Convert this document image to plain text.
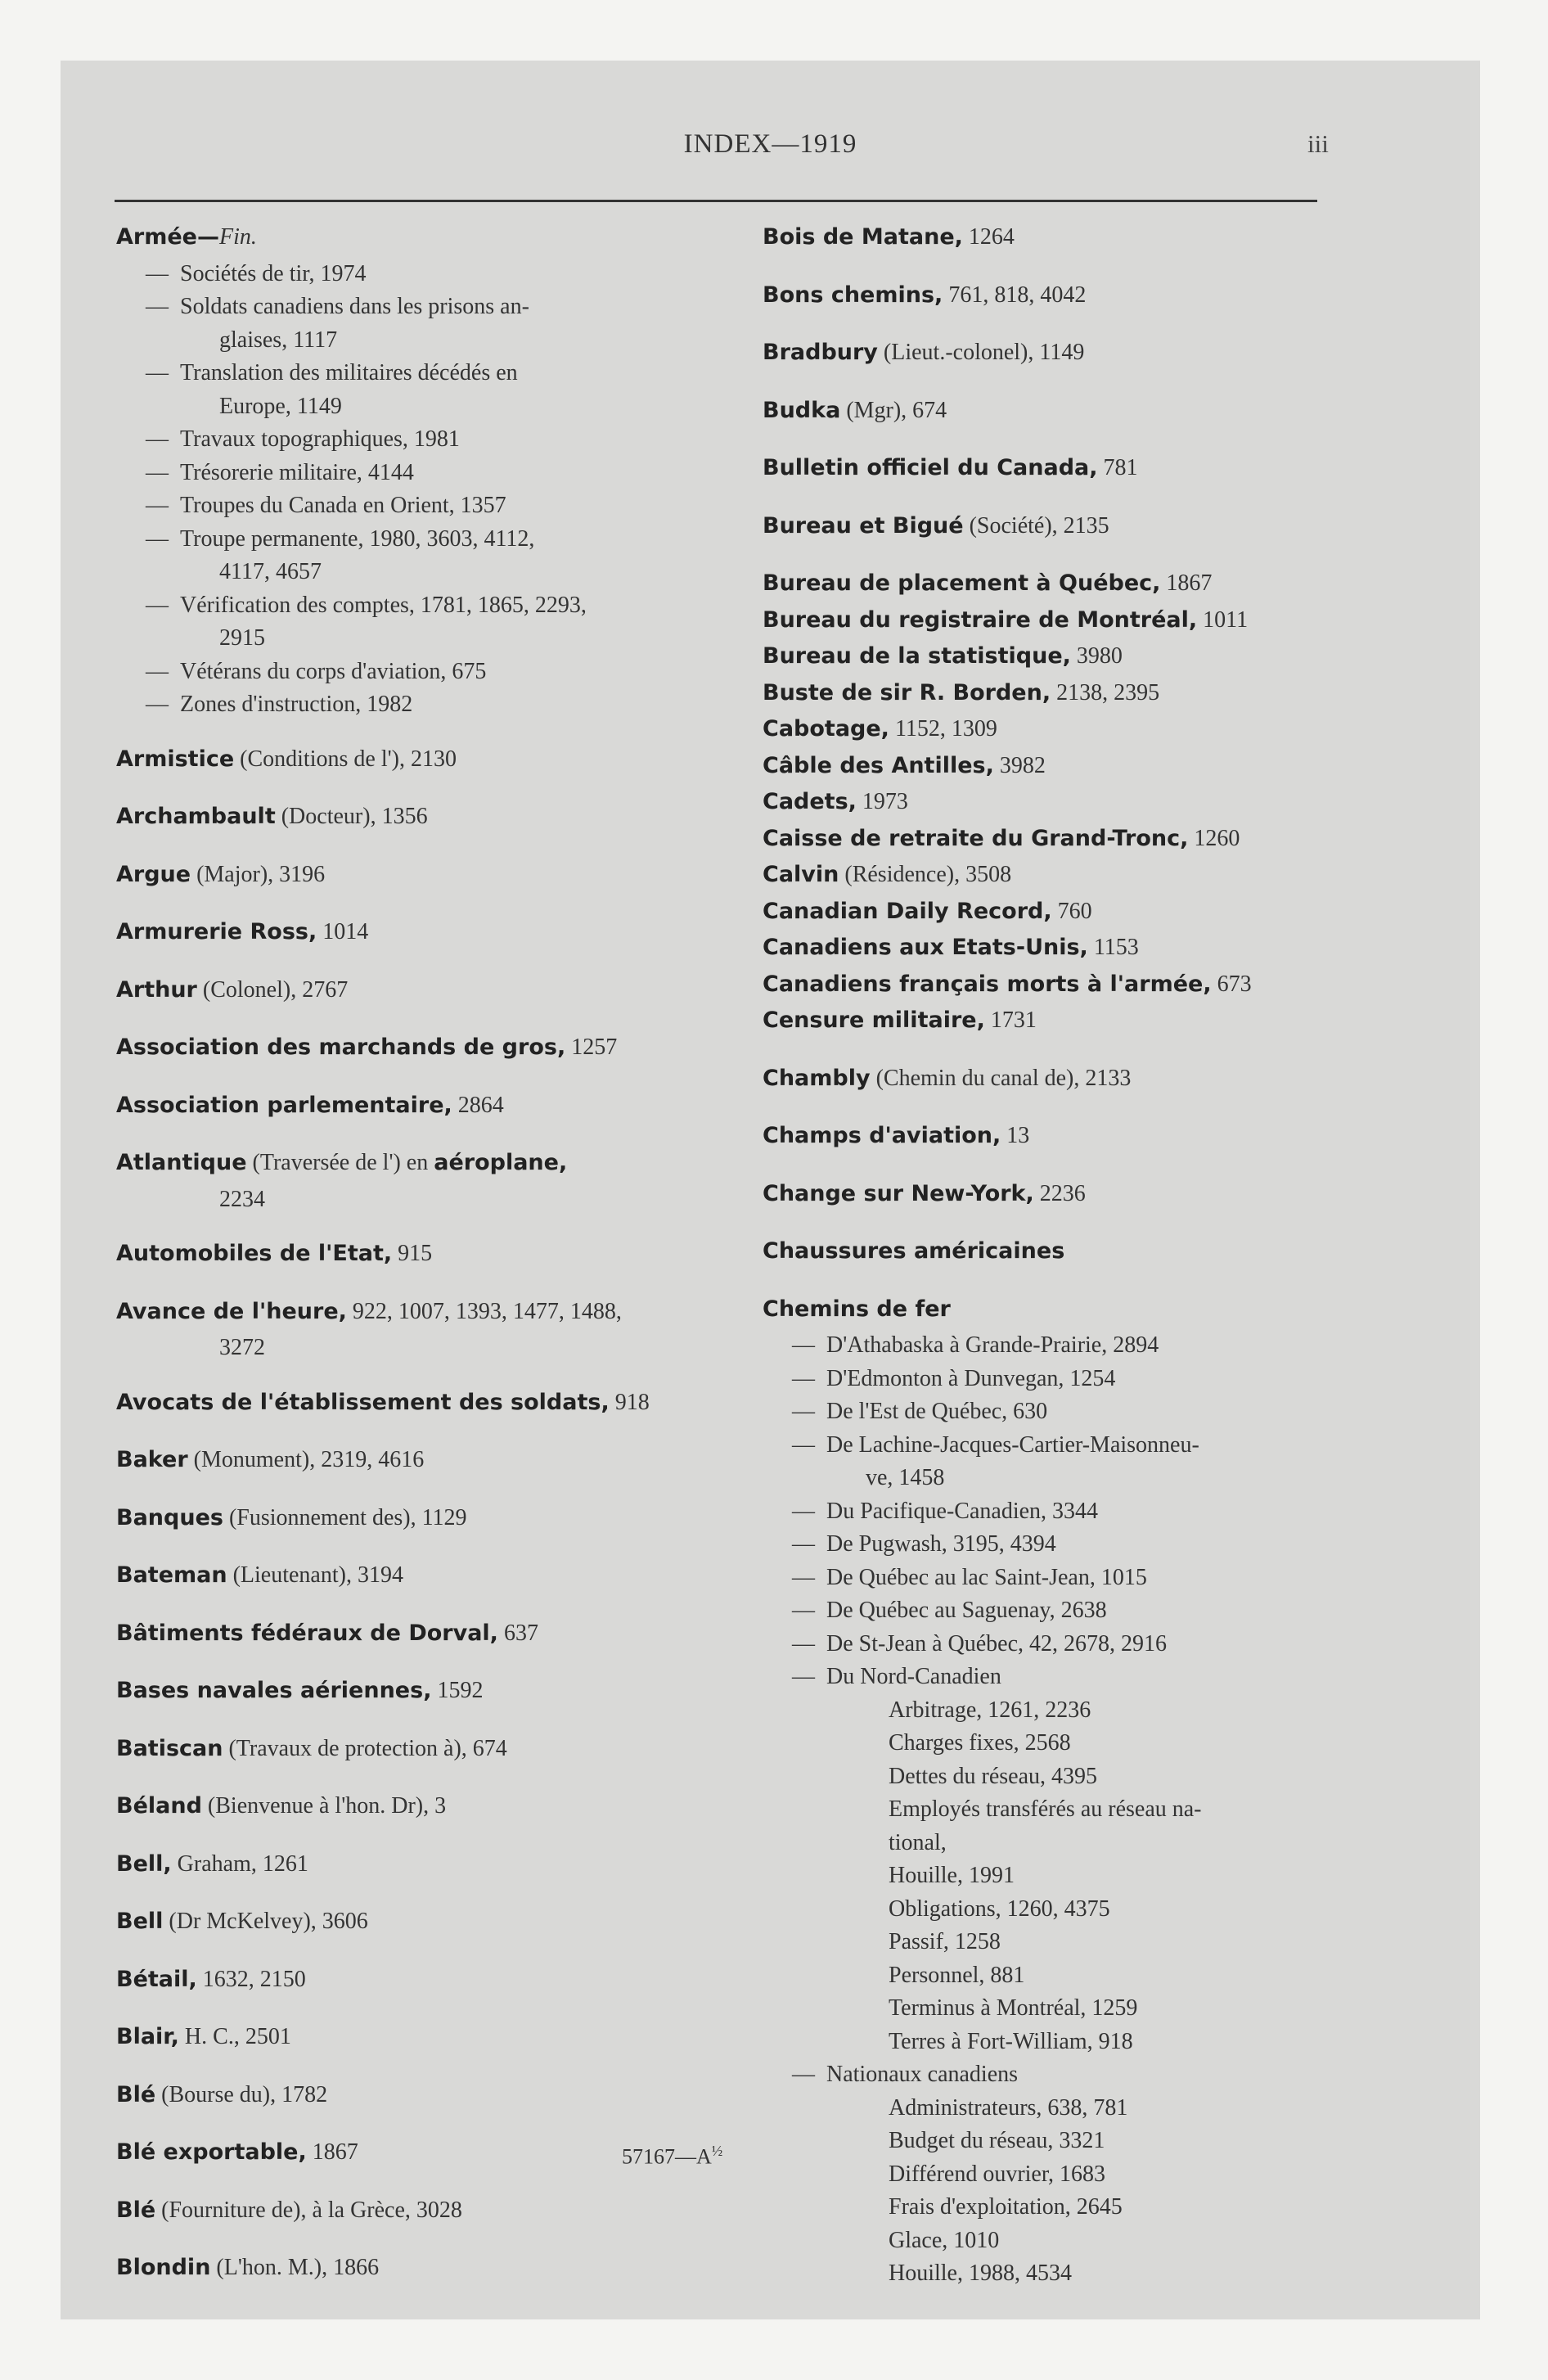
INDEX—1919	iii
Armée—Fin.
— Sociétés de tir, 1974
— Soldats canadiens dans les prisons an-
glaises, 1117
— Translation des militaires décédés en
Europe, 1149
— Travaux topographiques, 1981
— Trésorerie militaire, 4144
— Troupes du Canada en Orient, 1357
— Troupe permanente, 1980, 3603, 4112,
4117, 4657
— Vérification des comptes, 1781, 1865, 2293,
2915
— Vétérans du corps d'aviation, 675
— Zones d'instruction, 1982
Armistice (Conditions de l'), 2130
Archambault (Docteur), 1356
Argue (Major), 3196
Armurerie Ross, 1014
Arthur (Colonel), 2767
Association des marchands de gros, 1257
Association parlementaire, 2864
Atlantique (Traversée de l') en aéroplane,
2234
Automobiles de l'Etat, 915
Avance de l'heure, 922, 1007, 1393, 1477, 1488,
3272
Avocats de l'établissement des soldats, 918
Baker (Monument), 2319, 4616
Banques (Fusionnement des), 1129
Bateman (Lieutenant), 3194
Bâtiments fédéraux de Dorval, 637
Bases navales aériennes, 1592
Batiscan (Travaux de protection à), 674
Béland (Bienvenue à l'hon. Dr), 3
Bell, Graham, 1261
Bell (Dr McKelvey), 3606
Bétail, 1632, 2150
Blair, H. C., 2501
Blé (Bourse du), 1782
Blé exportable, 1867
Blé (Fourniture de), à la Grèce, 3028
Blondin (L'hon. M.), 1866
Bois de Matane, 1264
Bons chemins, 761, 818, 4042
Bradbury (Lieut.-colonel), 1149
Budka (Mgr), 674
Bulletin officiel du Canada, 781
Bureau et Bigué (Société), 2135
Bureau de placement à Québec, 1867
Bureau du registraire de Montréal, 1011
Bureau de la statistique, 3980
Buste de sir R. Borden, 2138, 2395
Cabotage, 1152, 1309
Câble des Antilles, 3982
Cadets, 1973
Caisse de retraite du Grand-Tronc, 1260
Calvin (Résidence), 3508
Canadian Daily Record, 760
Canadiens aux Etats-Unis, 1153
Canadiens français morts à l'armée, 673
Censure militaire, 1731
Chambly (Chemin du canal de), 2133
Champs d'aviation, 13
Change sur New-York, 2236
Chaussures américaines
Chemins de fer
— D'Athabaska à Grande-Prairie, 2894
— D'Edmonton à Dunvegan, 1254
— De l'Est de Québec, 630
— De Lachine-Jacques-Cartier-Maisonneu-
ve, 1458
— Du Pacifique-Canadien, 3344
— De Pugwash, 3195, 4394
— De Québec au lac Saint-Jean, 1015
— De Québec au Saguenay, 2638
— De St-Jean à Québec, 42, 2678, 2916
— Du Nord-Canadien
Arbitrage, 1261, 2236
Charges fixes, 2568
Dettes du réseau, 4395
Employés transférés au réseau na-
tional,
Houille, 1991
Obligations, 1260, 4375
Passif, 1258
Personnel, 881
Terminus à Montréal, 1259
Terres à Fort-William, 918
— Nationaux canadiens
Administrateurs, 638, 781
Budget du réseau, 3321
Différend ouvrier, 1683
Frais d'exploitation, 2645
Glace, 1010
Houille, 1988, 4534
$57167—A^{\frac{1}{2}}$
